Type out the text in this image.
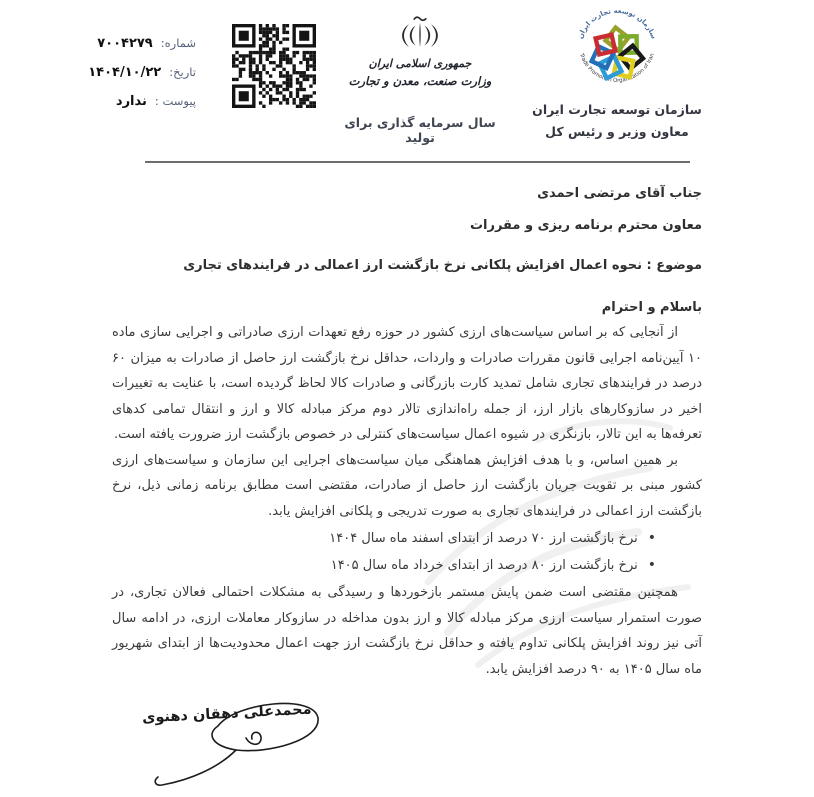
شماره:
۷۰۰۴۲۷۹
تاریخ:
۱۴۰۴/۱۰/۲۲
پیوست :
ندارد
جمهوری اسلامی ایران
وزارت صنعت، معدن و تجارت
سال سرمایه گذاری برای تولید
سازمان توسعه تجارت ایران
Trade Promotion Organization of Iran
سازمان توسعه تجارت ایران
معاون وزیر و رئیس کل
جناب آقای مرتضی احمدی
معاون محترم برنامه ریزی و مقررات
موضوع : نحوه اعمال افزایش پلکانی نرخ بازگشت ارز اعمالی در فرایندهای تجاری
باسلام و احترام

از آنجایی که بر اساس سیاست‌های ارزی کشور در حوزه رفع تعهدات ارزی صادراتی و اجرایی سازی ماده ۱۰ آیین‌نامه اجرایی قانون مقررات صادرات و واردات، حداقل نرخ بازگشت ارز حاصل از صادرات به میزان ۶۰ درصد در فرایندهای تجاری شامل تمدید کارت بازرگانی و صادرات کالا لحاظ گردیده است، با عنایت به تغییرات اخیر در سازوکارهای بازار ارز، از جمله راه‌اندازی تالار دوم مرکز مبادله کالا و ارز و انتقال تمامی کدهای تعرفه‌ها به این تالار، بازنگری در شیوه اعمال سیاست‌های کنترلی در خصوص بازگشت ارز ضرورت یافته است.

بر همین اساس، و با هدف افزایش هماهنگی میان سیاست‌های اجرایی این سازمان و سیاست‌های ارزی کشور مبنی بر تقویت جریان بازگشت ارز حاصل از صادرات، مقتضی است مطابق برنامه زمانی ذیل، نرخ بازگشت ارز اعمالی در فرایندهای تجاری به صورت تدریجی و پلکانی افزایش یابد.

• نرخ بازگشت ارز ۷۰ درصد از ابتدای اسفند ماه سال ۱۴۰۴
• نرخ بازگشت ارز ۸۰ درصد از ابتدای خرداد ماه سال ۱۴۰۵

همچنین مقتضی است ضمن پایش مستمر بازخوردها و رسیدگی به مشکلات احتمالی فعالان تجاری، در صورت استمرار سیاست ارزی مرکز مبادله کالا و ارز بدون مداخله در سازوکار معاملات ارزی، در ادامه سال آتی نیز روند افزایش پلکانی تداوم یافته و حداقل نرخ بازگشت ارز جهت اعمال محدودیت‌ها از ابتدای شهریور ماه سال ۱۴۰۵ به ۹۰ درصد افزایش یابد.

محمدعلی دهقان دهنوی
